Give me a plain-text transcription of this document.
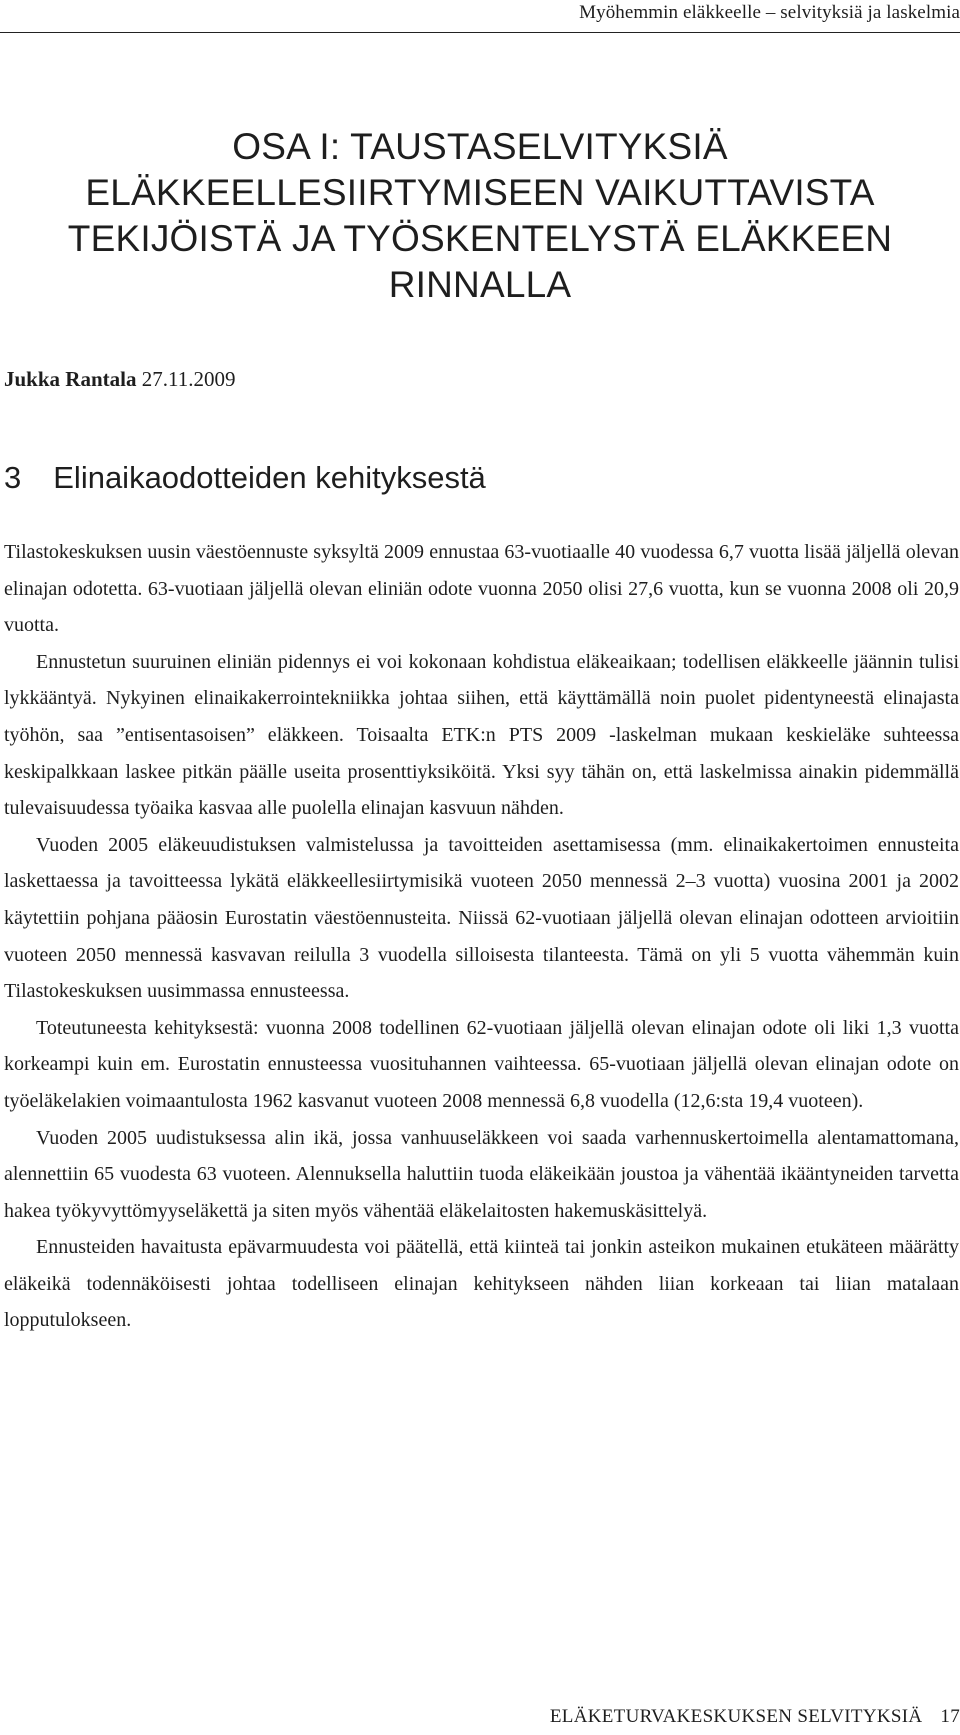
Myöhemmin eläkkeelle – selvityksiä ja laskelmia
OSA I: TAUSTASELVITYKSIÄ
ELÄKKEELLESIIRTYMISEEN VAIKUTTAVISTA
TEKIJÖISTÄ JA TYÖSKENTELYSTÄ ELÄKKEEN
RINNALLA
Jukka Rantala 27.11.2009
3 Elinaikaodotteiden kehityksestä

Tilastokeskuksen uusin väestöennuste syksyltä 2009 ennustaa 63-vuotiaalle 40 vuodessa 6,7 vuotta lisää jäljellä olevan elinajan odotetta. 63-vuotiaan jäljellä olevan eliniän odote vuonna 2050 olisi 27,6 vuotta, kun se vuonna 2008 oli 20,9 vuotta.

Ennustetun suuruinen eliniän pidennys ei voi kokonaan kohdistua eläkeaikaan; todellisen eläkkeelle jäännin tulisi lykkääntyä. Nykyinen elinaikakerrointekniikka johtaa siihen, että käyttämällä noin puolet pidentyneestä elinajasta työhön, saa ”entisentasoisen” eläkkeen. Toisaalta ETK:n PTS 2009 -laskelman mukaan keskieläke suhteessa keskipalkkaan laskee pitkän päälle useita prosenttiyksiköitä. Yksi syy tähän on, että laskelmissa ainakin pidemmällä tulevaisuudessa työaika kasvaa alle puolella elinajan kasvuun nähden.

Vuoden 2005 eläkeuudistuksen valmistelussa ja tavoitteiden asettamisessa (mm. elinaikakertoimen ennusteita laskettaessa ja tavoitteessa lykätä eläkkeellesiirtymisikä vuoteen 2050 mennessä 2–3 vuotta) vuosina 2001 ja 2002 käytettiin pohjana pääosin Eurostatin väestöennusteita. Niissä 62-vuotiaan jäljellä olevan elinajan odotteen arvioitiin vuoteen 2050 mennessä kasvavan reilulla 3 vuodella silloisesta tilanteesta. Tämä on yli 5 vuotta vähemmän kuin Tilastokeskuksen uusimmassa ennusteessa.

Toteutuneesta kehityksestä: vuonna 2008 todellinen 62-vuotiaan jäljellä olevan elinajan odote oli liki 1,3 vuotta korkeampi kuin em. Eurostatin ennusteessa vuosituhannen vaihteessa. 65-vuotiaan jäljellä olevan elinajan odote on työeläkelakien voimaantulosta 1962 kasvanut vuoteen 2008 mennessä 6,8 vuodella (12,6:sta 19,4 vuoteen).

Vuoden 2005 uudistuksessa alin ikä, jossa vanhuuseläkkeen voi saada varhennuskertoimella alentamattomana, alennettiin 65 vuodesta 63 vuoteen. Alennuksella haluttiin tuoda eläkeikään joustoa ja vähentää ikääntyneiden tarvetta hakea työkyvyttömyyseläkettä ja siten myös vähentää eläkelaitosten hakemuskäsittelyä.

Ennusteiden havaitusta epävarmuudesta voi päätellä, että kiinteä tai jonkin asteikon mukainen etukäteen määrätty eläkeikä todennäköisesti johtaa todelliseen elinajan kehitykseen nähden liian korkeaan tai liian matalaan lopputulokseen.

ELÄKETURVAKESKUKSEN SELVITYKSIÄ 17
